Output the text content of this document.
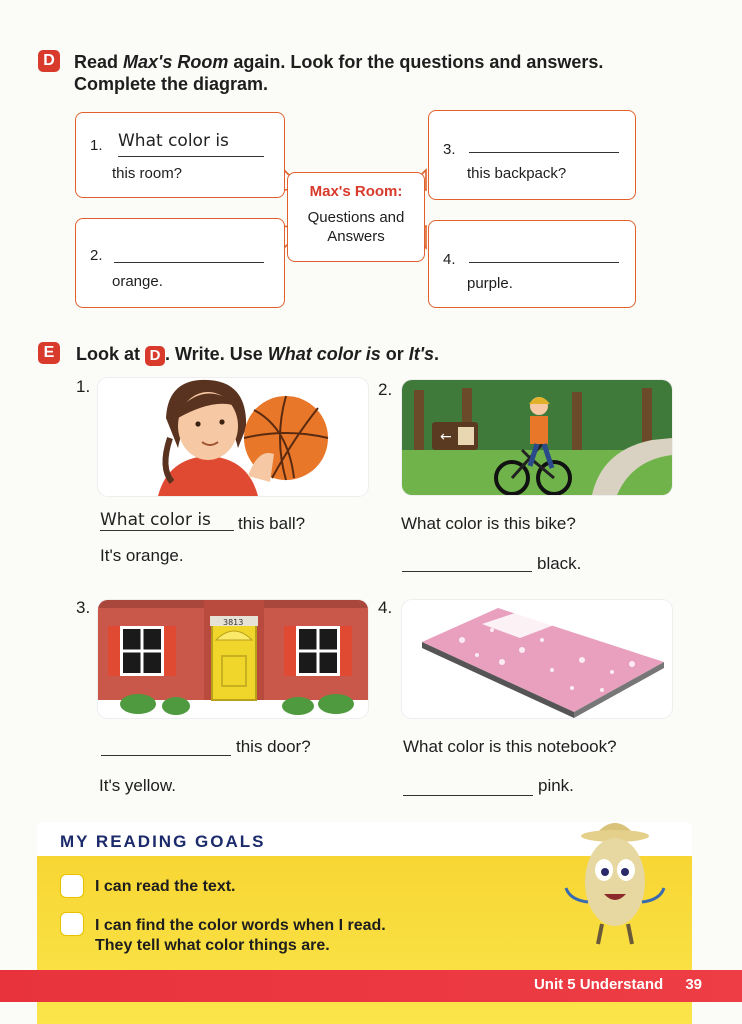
D Read Max's Room again. Look for the questions and answers.
Complete the diagram.
1. What color is
this room?
3.
this backpack?
2.
orange.
4.
purple.
Max's Room:
Questions and Answers
E	Look at D . Write. Use What color is or It's.
1.
What color is	this ball?
It's orange.
2.
←
What color is this bike?
black.
3.
3813
this door?
It's yellow.
4.
What color is this notebook?
pink.
MY READING GOALS
I can read the text.
I can find the color words when I read.
They tell what color things are.
Unit 5 Understand 39
